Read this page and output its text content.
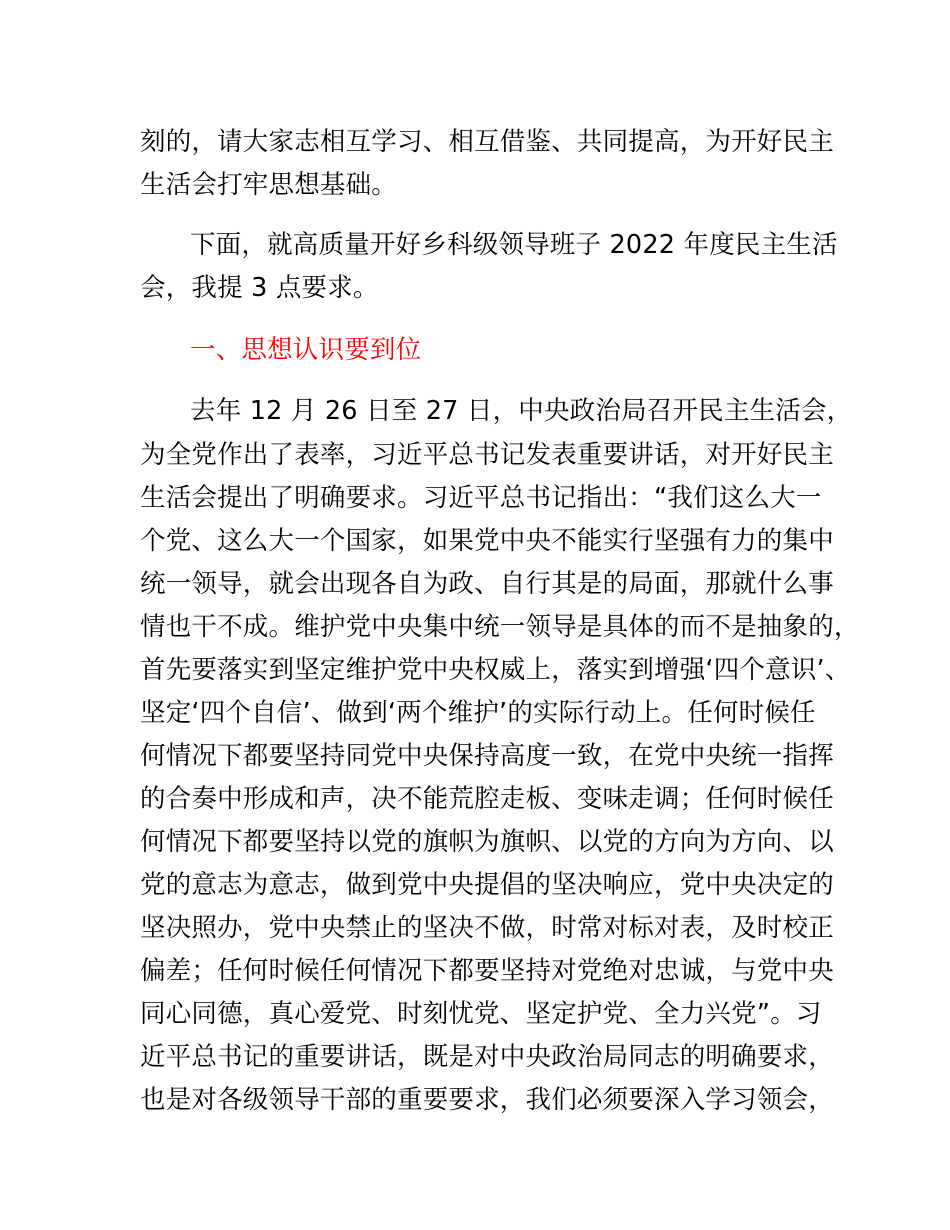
刻的，请大家志相互学习、相互借鉴、共同提高，为开好民主
生活会打牢思想基础。
下面，就高质量开好乡科级领导班子 2022 年度民主生活
会，我提 3 点要求。
一、思想认识要到位
去年 12 月 26 日至 27 日，中央政治局召开民主生活会，
为全党作出了表率，习近平总书记发表重要讲话，对开好民主
生活会提出了明确要求。习近平总书记指出：“我们这么大一
个党、这么大一个国家，如果党中央不能实行坚强有力的集中
统一领导，就会出现各自为政、自行其是的局面，那就什么事
情也干不成。维护党中央集中统一领导是具体的而不是抽象的，
首先要落实到坚定维护党中央权威上，落实到增强‘四个意识’、
坚定‘四个自信’、做到‘两个维护’的实际行动上。任何时候任
何情况下都要坚持同党中央保持高度一致，在党中央统一指挥
的合奏中形成和声，决不能荒腔走板、变味走调；任何时候任
何情况下都要坚持以党的旗帜为旗帜、以党的方向为方向、以
党的意志为意志，做到党中央提倡的坚决响应，党中央决定的
坚决照办，党中央禁止的坚决不做，时常对标对表，及时校正
偏差；任何时候任何情况下都要坚持对党绝对忠诚，与党中央
同心同德，真心爱党、时刻忧党、坚定护党、全力兴党”。习
近平总书记的重要讲话，既是对中央政治局同志的明确要求，
也是对各级领导干部的重要要求，我们必须要深入学习领会，
